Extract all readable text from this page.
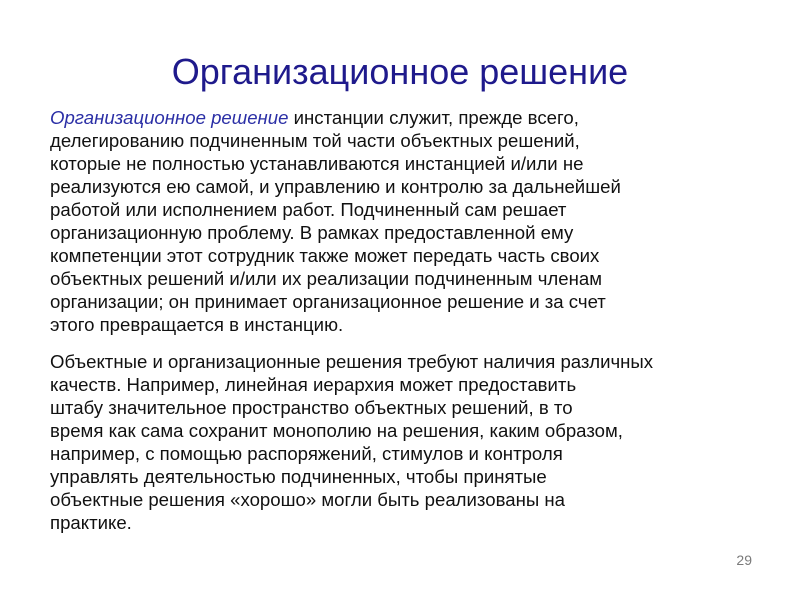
Организационное решение

Организационное решение инстанции служит, прежде всего,
делегированию подчиненным той части объектных решений,
которые не полностью устанавливаются инстанцией и/или не
реализуются ею самой, и управлению и контролю за дальнейшей
работой или исполнением работ. Подчиненный сам решает
организационную проблему. В рамках предоставленной ему
компетенции этот сотрудник также может передать часть своих
объектных решений и/или их реализации подчиненным членам
организации; он принимает организационное решение и за счет
этого превращается в инстанцию.

Объектные и организационные решения требуют наличия различных
качеств. Например, линейная иерархия может предоставить
штабу значительное пространство объектных решений, в то
время как сама сохранит монополию на решения, каким образом,
например, с помощью распоряжений, стимулов и контроля
управлять деятельностью подчиненных, чтобы принятые
объектные решения «хорошо» могли быть реализованы на
практике.

29
